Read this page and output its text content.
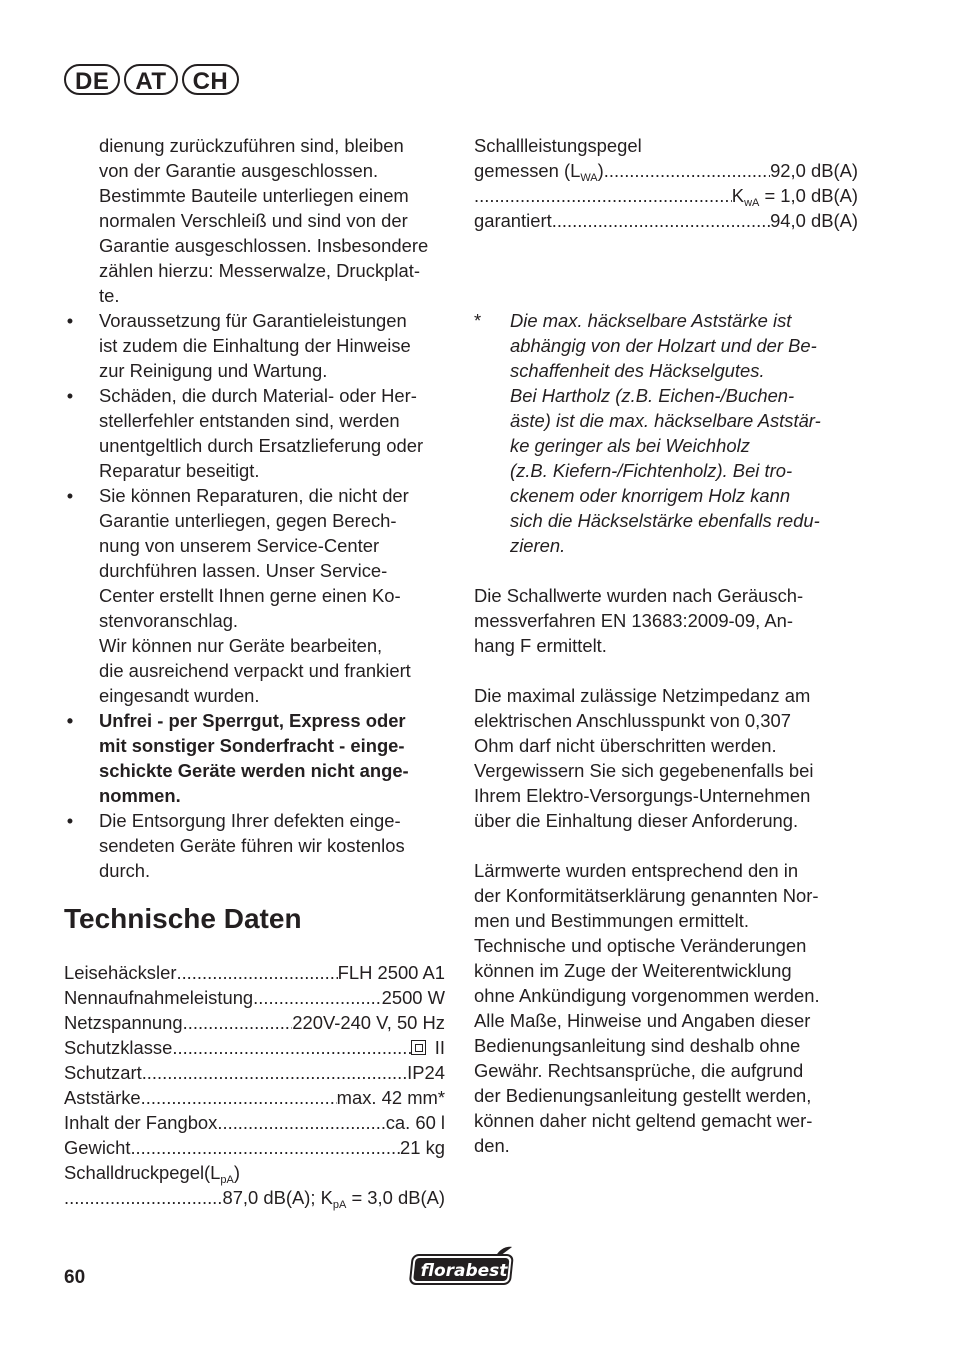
DE	AT	CH
dienung zurückzuführen sind, bleiben
von der Garantie ausgeschlossen.
Bestimmte Bauteile unterliegen einem
normalen Verschleiß und sind von der
Garantie ausgeschlossen. Insbesondere
zählen hierzu: Messerwalze, Druckplat-
te.
• Voraussetzung für Garantieleistungen
ist zudem die Einhaltung der Hinweise
zur Reinigung und Wartung.
• Schäden, die durch Material- oder Her-
stellerfehler entstanden sind, werden
unentgeltlich durch Ersatzlieferung oder
Reparatur beseitigt.
• Sie können Reparaturen, die nicht der
Garantie unterliegen, gegen Berech-
nung von unserem Service-Center
durchführen lassen. Unser Service-
Center erstellt Ihnen gerne einen Ko-
stenvoranschlag.
Wir können nur Geräte bearbeiten,
die ausreichend verpackt und frankiert
eingesandt wurden.
• Unfrei - per Sperrgut, Express oder
mit sonstiger Sonderfracht - einge-
schickte Geräte werden nicht ange-
nommen.
• Die Entsorgung Ihrer defekten einge-
sendeten Geräte führen wir kostenlos
durch.
Technische Daten
Leisehäcksler .....	FLH 2500 A1
Nennaufnahmeleistung .....	2500 W
Netzspannung .....	220V-240 V, 50 Hz
Schutzklasse .....	II
Schutzart .....	IP24
Aststärke .....	max. 42 mm*
Inhalt der Fangbox .....	ca. 60 l
Gewicht .....	21 kg
$Schalldruckpegel(L_{pA})$
.....
87,0 dB(A); $K_{pA} = 3,0$ dB(A)
Schallleistungspegel
gemessen $(L_{WA})$ .....	92,0 dB(A)
.....
$K_{wA} = 1,0$ dB(A)
garantiert .....	94,0 dB(A)
*	Die max. häckselbare Aststärke ist
abhängig von der Holzart und der Be-
schaffenheit des Häckselgutes.
Bei Hartholz (z.B. Eichen-/Buchen-
äste) ist die max. häckselbare Aststär-
ke geringer als bei Weichholz
(z.B. Kiefern-/Fichtenholz). Bei tro-
ckenem oder knorrigem Holz kann
sich die Häckselstärke ebenfalls redu-
zieren.
Die Schallwerte wurden nach Geräusch-
messverfahren EN 13683:2009-09, An-
hang F ermittelt.
Die maximal zulässige Netzimpedanz am
elektrischen Anschlusspunkt von 0,307
Ohm darf nicht überschritten werden.
Vergewissern Sie sich gegebenenfalls bei
Ihrem Elektro-Versorgungs-Unternehmen
über die Einhaltung dieser Anforderung.
Lärmwerte wurden entsprechend den in
der Konformitätserklärung genannten Nor-
men und Bestimmungen ermittelt.
Technische und optische Veränderungen
können im Zuge der Weiterentwicklung
ohne Ankündigung vorgenommen werden.
Alle Maße, Hinweise und Angaben dieser
Bedienungsanleitung sind deshalb ohne
Gewähr. Rechtsansprüche, die aufgrund
der Bedienungsanleitung gestellt werden,
können daher nicht geltend gemacht wer-
den.
60	florabest
